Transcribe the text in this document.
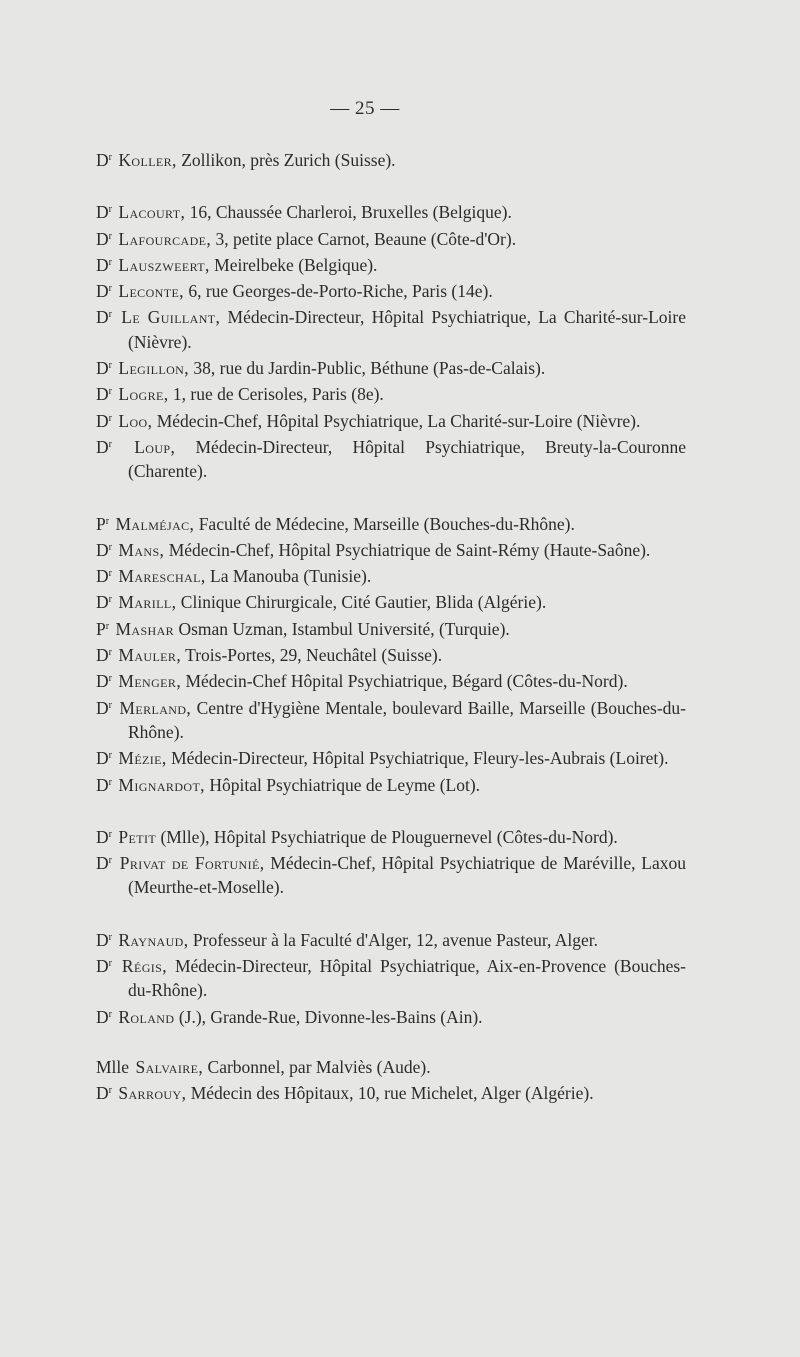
— 25 —
$D^r$ Koller, Zollikon, près Zurich (Suisse).
$D^r$ Lacourt, 16, Chaussée Charleroi, Bruxelles (Belgique).
$D^r$ Lafourcade, 3, petite place Carnot, Beaune (Côte-d'Or).
$D^r$ Lauszweert, Meirelbeke (Belgique).
$D^r$ Leconte, 6, rue Georges-de-Porto-Riche, Paris (14e).
$D^r$ Le Guillant, Médecin-Directeur, Hôpital Psychiatrique, La Charité-sur-Loire (Nièvre).
$D^r$ Legillon, 38, rue du Jardin-Public, Béthune (Pas-de-Calais).
$D^r$ Logre, 1, rue de Cerisoles, Paris (8e).
$D^r$ Loo, Médecin-Chef, Hôpital Psychiatrique, La Charité-sur-Loire (Nièvre).
$D^r$ Loup, Médecin-Directeur, Hôpital Psychiatrique, Breuty-la-Couronne (Charente).
$P^r$ Malméjac, Faculté de Médecine, Marseille (Bouches-du-Rhône).
$D^r$ Mans, Médecin-Chef, Hôpital Psychiatrique de Saint-Rémy (Haute-Saône).
$D^r$ Mareschal, La Manouba (Tunisie).
$D^r$ Marill, Clinique Chirurgicale, Cité Gautier, Blida (Algérie).
$P^r$ Mashar Osman Uzman, Istambul Université, (Turquie).
$D^r$ Mauler, Trois-Portes, 29, Neuchâtel (Suisse).
$D^r$ Menger, Médecin-Chef Hôpital Psychiatrique, Bégard (Côtes-du-Nord).
$D^r$ Merland, Centre d'Hygiène Mentale, boulevard Baille, Marseille (Bouches-du-Rhône).
$D^r$ Mézie, Médecin-Directeur, Hôpital Psychiatrique, Fleury-les-Aubrais (Loiret).
$D^r$ Mignardot, Hôpital Psychiatrique de Leyme (Lot).
$D^r$ Petit (Mlle), Hôpital Psychiatrique de Plouguernevel (Côtes-du-Nord).
$D^r$ Privat de Fortunié, Médecin-Chef, Hôpital Psychiatrique de Maréville, Laxou (Meurthe-et-Moselle).
$D^r$ Raynaud, Professeur à la Faculté d'Alger, 12, avenue Pasteur, Alger.
$D^r$ Régis, Médecin-Directeur, Hôpital Psychiatrique, Aix-en-Provence (Bouches-du-Rhône).
$D^r$ Roland (J.), Grande-Rue, Divonne-les-Bains (Ain).
Mlle Salvaire, Carbonnel, par Malviès (Aude).
$D^r$ Sarrouy, Médecin des Hôpitaux, 10, rue Michelet, Alger (Algérie).
